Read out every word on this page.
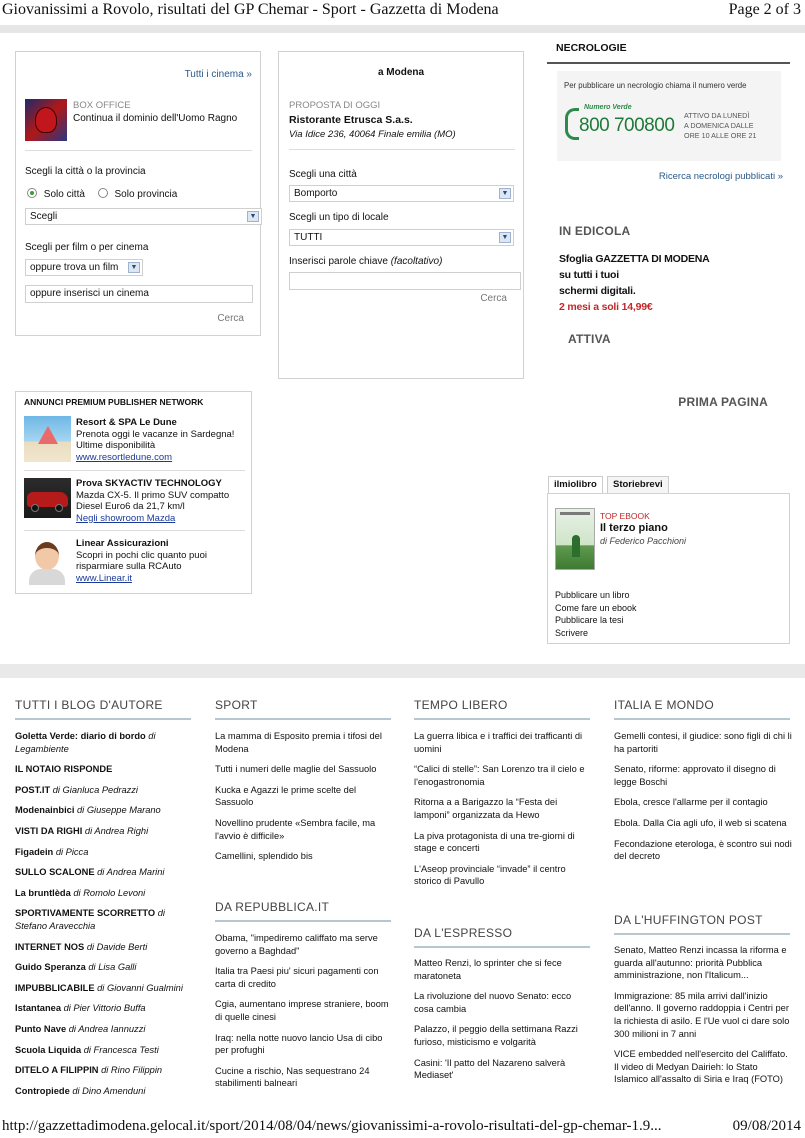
Giovanissimi a Rovolo, risultati del GP Chemar - Sport - Gazzetta di Modena	Page 2 of 3
Tutti i cinema »
BOX OFFICE
Continua il dominio dell'Uomo Ragno
Scegli la città o la provincia
Solo città	Solo provincia
Scegli	▼
Scegli per film o per cinema
oppure trova un film	▼
oppure inserisci un cinema
Cerca
a Modena
PROPOSTA DI OGGI
Ristorante Etrusca S.a.s.
Via Idice 236, 40064 Finale emilia (MO)
Scegli una città
Bomporto	▼
Scegli un tipo di locale
TUTTI	▼
Inserisci parole chiave (facoltativo)
Cerca
NECROLOGIE
Per pubblicare un necrologio chiama il numero verde
Numero Verde
800 700800 ATTIVO DA LUNEDÌ
A DOMENICA DALLE
ORE 10 ALLE ORE 21
Ricerca necrologi pubblicati »
IN EDICOLA
Sfoglia GAZZETTA DI MODENA
su tutti i tuoi
schermi digitali.
2 mesi a soli 14,99€
ATTIVA
PRIMA PAGINA
ANNUNCI PREMIUM PUBLISHER NETWORK
Resort & SPA Le Dune
Prenota oggi le vacanze in Sardegna!
Ultime disponibilità
www.resortledune.com
Prova SKYACTIV TECHNOLOGY
Mazda CX-5. Il primo SUV compatto
Diesel Euro6 da 21,7 km/l
Negli showroom Mazda
Linear Assicurazioni
Scopri in pochi clic quanto puoi
risparmiare sulla RCAuto
www.Linear.it
ilmiolibro	Storiebrevi
TOP EBOOK
Il terzo piano
di Federico Pacchioni
Pubblicare un libro
Come fare un ebook
Pubblicare la tesi
Scrivere
TUTTI I BLOG D'AUTORE
Goletta Verde: diario di bordo di Legambiente
IL NOTAIO RISPONDE
POST.IT di Gianluca Pedrazzi
Modenainbici di Giuseppe Marano
VISTI DA RIGHI di Andrea Righi
Figadein di Picca
SULLO SCALONE di Andrea Marini
La bruntlèda di Romolo Levoni
SPORTIVAMENTE SCORRETTO di Stefano Aravecchia
INTERNET NOS di Davide Berti
Guido Speranza di Lisa Galli
IMPUBBLICABILE di Giovanni Gualmini
Istantanea di Pier Vittorio Buffa
Punto Nave di Andrea Iannuzzi
Scuola Liquida di Francesca Testi
DITELO A FILIPPIN di Rino Filippin
Contropiede di Dino Amenduni
SPORT
La mamma di Esposito premia i tifosi del Modena
Tutti i numeri delle maglie del Sassuolo
Kucka e Agazzi le prime scelte del Sassuolo
Novellino prudente «Sembra facile, ma l'avvio è difficile»
Camellini, splendido bis
DA REPUBBLICA.IT
Obama, "impediremo califfato ma serve governo a Baghdad"
Italia tra Paesi piu' sicuri pagamenti con carta di credito
Cgia, aumentano imprese straniere, boom di quelle cinesi
Iraq: nella notte nuovo lancio Usa di cibo per profughi
Cucine a rischio, Nas sequestrano 24 stabilimenti balneari
TEMPO LIBERO
La guerra libica e i traffici dei trafficanti di uomini
“Calici di stelle”: San Lorenzo tra il cielo e l'enogastronomia
Ritorna a a Barigazzo la “Festa dei lamponi” organizzata da Hewo
La piva protagonista di una tre-giorni di stage e concerti
L'Aseop provinciale “invade” il centro storico di Pavullo
DA L'ESPRESSO
Matteo Renzi, lo sprinter che si fece maratoneta
La rivoluzione del nuovo Senato: ecco cosa cambia
Palazzo, il peggio della settimana Razzi furioso, misticismo e volgarità
Casini: 'Il patto del Nazareno salverà Mediaset'
ITALIA E MONDO
Gemelli contesi, il giudice: sono figli di chi li ha partoriti
Senato, riforme: approvato il disegno di legge Boschi
Ebola, cresce l'allarme per il contagio
Ebola. Dalla Cia agli ufo, il web si scatena
Fecondazione eterologa, è scontro sui nodi del decreto
DA L'HUFFINGTON POST
Senato, Matteo Renzi incassa la riforma e guarda all'autunno: priorità Pubblica amministrazione, non l'Italicum...
Immigrazione: 85 mila arrivi dall'inizio dell'anno. Il governo raddoppia i Centri per la richiesta di asilo. E l'Ue vuol ci dare solo 300 milioni in 7 anni
VICE embedded nell'esercito del Califfato. Il video di Medyan Dairieh: lo Stato Islamico all'assalto di Siria e Iraq (FOTO)
http://gazzettadimodena.gelocal.it/sport/2014/08/04/news/giovanissimi-a-rovolo-risultati-del-gp-chemar-1.9...	09/08/2014
